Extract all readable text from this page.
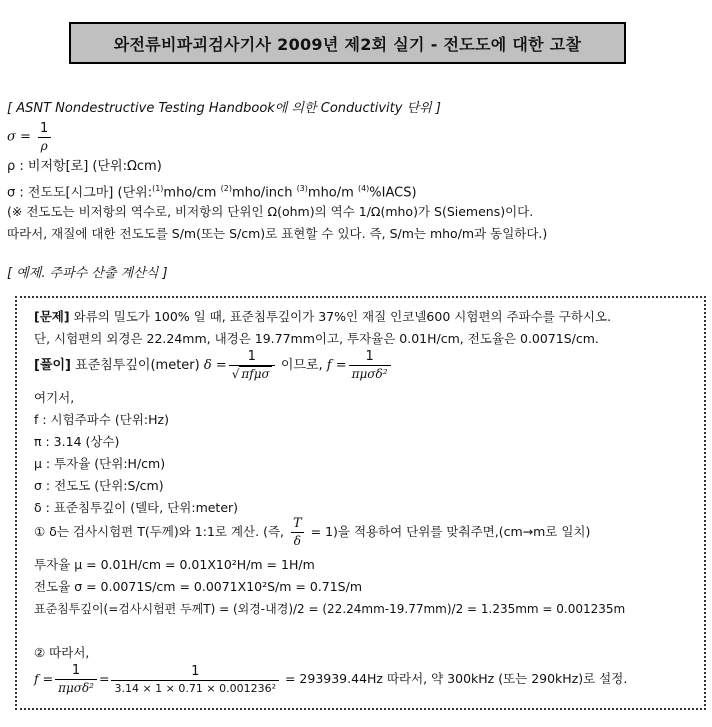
와전류비파괴검사기사 2009년 제2회 실기 - 전도도에 대한 고찰
[ ASNT Nondestructive Testing Handbook에 의한 Conductivity 단위 ]
$\sigma = \frac{1}{\rho}$
ρ : 비저항[로] (단위:Ωcm)
σ : 전도도[시그마] (단위:$^{(1)}$mho/cm $^{(2)}$mho/inch $^{(3)}$mho/m $^{(4)}$%IACS)
(※ 전도도는 비저항의 역수로, 비저항의 단위인 Ω(ohm)의 역수 1/Ω(mho)가 S(Siemens)이다.
따라서, 재질에 대한 전도도를 S/m(또는 S/cm)로 표현할 수 있다. 즉, S/m는 mho/m과 동일하다.)
[ 예제. 주파수 산출 계산식 ]
[문제] 와류의 밀도가 100% 일 때, 표준침투깊이가 37%인 재질 인코넬600 시험편의 주파수를 구하시오.
단, 시험편의 외경은 22.24mm, 내경은 19.77mm이고, 투자율은 0.01H/cm, 전도율은 0.0071S/cm.
[풀이] 표준침투깊이(meter) $\delta = \frac{1}{\text{√ πfμσ}}$ 이므로, $f = \frac{1}{\text{πμσδ²}}$
여기서,
f : 시험주파수 (단위:Hz)
π : 3.14 (상수)
μ : 투자율 (단위:H/cm)
σ : 전도도 (단위:S/cm)
δ : 표준침투깊이 (델타, 단위:meter)
① δ는 검사시험편 T(두께)와 1:1로 계산. (즉, $\frac{T}{\delta} = 1$)을 적용하여 단위를 맞춰주면,(cm→m로 일치)
투자율 μ = 0.01H/cm = 0.01X10²H/m = 1H/m
전도율 σ = 0.0071S/cm = 0.0071X10²S/m = 0.71S/m
표준침투깊이(=검사시험편 두께T) = (외경-내경)/2 = (22.24mm-19.77mm)/2 = 1.235mm = 0.001235m
② 따라서,
$f = \frac{1}{\text{πμσδ²}} = \frac{1}{\text{3.14 × 1 × 0.71 × 0.001236²}} = 293939.44Hz$ 따라서, 약 300kHz (또는 290kHz)로 설정.
